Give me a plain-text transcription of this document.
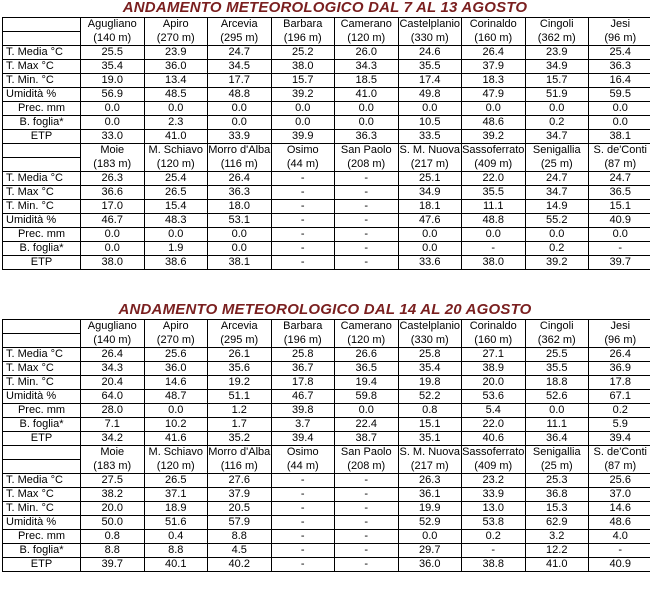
ANDAMENTO METEOROLOGICO DAL 7 AL 13 AGOSTO
	Agugliano	Apiro	Arcevia	Barbara	Camerano	Castelplanio	Corinaldo	Cingoli	Jesi
	(140 m)	(270 m)	(295 m)	(196 m)	(120 m)	(330 m)	(160 m)	(362 m)	(96 m)
T. Media °C	25.5	23.9	24.7	25.2	26.0	24.6	26.4	23.9	25.4
T. Max °C	35.4	36.0	34.5	38.0	34.3	35.5	37.9	34.9	36.3
T. Min. °C	19.0	13.4	17.7	15.7	18.5	17.4	18.3	15.7	16.4
Umidità %	56.9	48.5	48.8	39.2	41.0	49.8	47.9	51.9	59.5
Prec. mm	0.0	0.0	0.0	0.0	0.0	0.0	0.0	0.0	0.0
B. foglia*	0.0	2.3	0.0	0.0	0.0	10.5	48.6	0.2	0.0
ETP	33.0	41.0	33.9	39.9	36.3	33.5	39.2	34.7	38.1
	Moie	M. Schiavo	Morro d'Alba	Osimo	San Paolo	S. M. Nuova	Sassoferrato	Senigallia	S. de'Conti
	(183 m)	(120 m)	(116 m)	(44 m)	(208 m)	(217 m)	(409 m)	(25 m)	(87 m)
T. Media °C	26.3	25.4	26.4	-	-	25.1	22.0	24.7	24.7
T. Max °C	36.6	26.5	36.3	-	-	34.9	35.5	34.7	36.5
T. Min. °C	17.0	15.4	18.0	-	-	18.1	11.1	14.9	15.1
Umidità %	46.7	48.3	53.1	-	-	47.6	48.8	55.2	40.9
Prec. mm	0.0	0.0	0.0	-	-	0.0	0.0	0.0	0.0
B. foglia*	0.0	1.9	0.0	-	-	0.0	-	0.2	-
ETP	38.0	38.6	38.1	-	-	33.6	38.0	39.2	39.7
ANDAMENTO METEOROLOGICO DAL 14 AL 20 AGOSTO
	Agugliano	Apiro	Arcevia	Barbara	Camerano	Castelplanio	Corinaldo	Cingoli	Jesi
	(140 m)	(270 m)	(295 m)	(196 m)	(120 m)	(330 m)	(160 m)	(362 m)	(96 m)
T. Media °C	26.4	25.6	26.1	25.8	26.6	25.8	27.1	25.5	26.4
T. Max °C	34.3	36.0	35.6	36.7	36.5	35.4	38.9	35.5	36.9
T. Min. °C	20.4	14.6	19.2	17.8	19.4	19.8	20.0	18.8	17.8
Umidità %	64.0	48.7	51.1	46.7	59.8	52.2	53.6	52.6	67.1
Prec. mm	28.0	0.0	1.2	39.8	0.0	0.8	5.4	0.0	0.2
B. foglia*	7.1	10.2	1.7	3.7	22.4	15.1	22.0	11.1	5.9
ETP	34.2	41.6	35.2	39.4	38.7	35.1	40.6	36.4	39.4
	Moie	M. Schiavo	Morro d'Alba	Osimo	San Paolo	S. M. Nuova	Sassoferrato	Senigallia	S. de'Conti
	(183 m)	(120 m)	(116 m)	(44 m)	(208 m)	(217 m)	(409 m)	(25 m)	(87 m)
T. Media °C	27.5	26.5	27.6	-	-	26.3	23.2	25.3	25.6
T. Max °C	38.2	37.1	37.9	-	-	36.1	33.9	36.8	37.0
T. Min. °C	20.0	18.9	20.5	-	-	19.9	13.0	15.3	14.6
Umidità %	50.0	51.6	57.9	-	-	52.9	53.8	62.9	48.6
Prec. mm	0.8	0.4	8.8	-	-	0.0	0.2	3.2	4.0
B. foglia*	8.8	8.8	4.5	-	-	29.7	-	12.2	-
ETP	39.7	40.1	40.2	-	-	36.0	38.8	41.0	40.9
